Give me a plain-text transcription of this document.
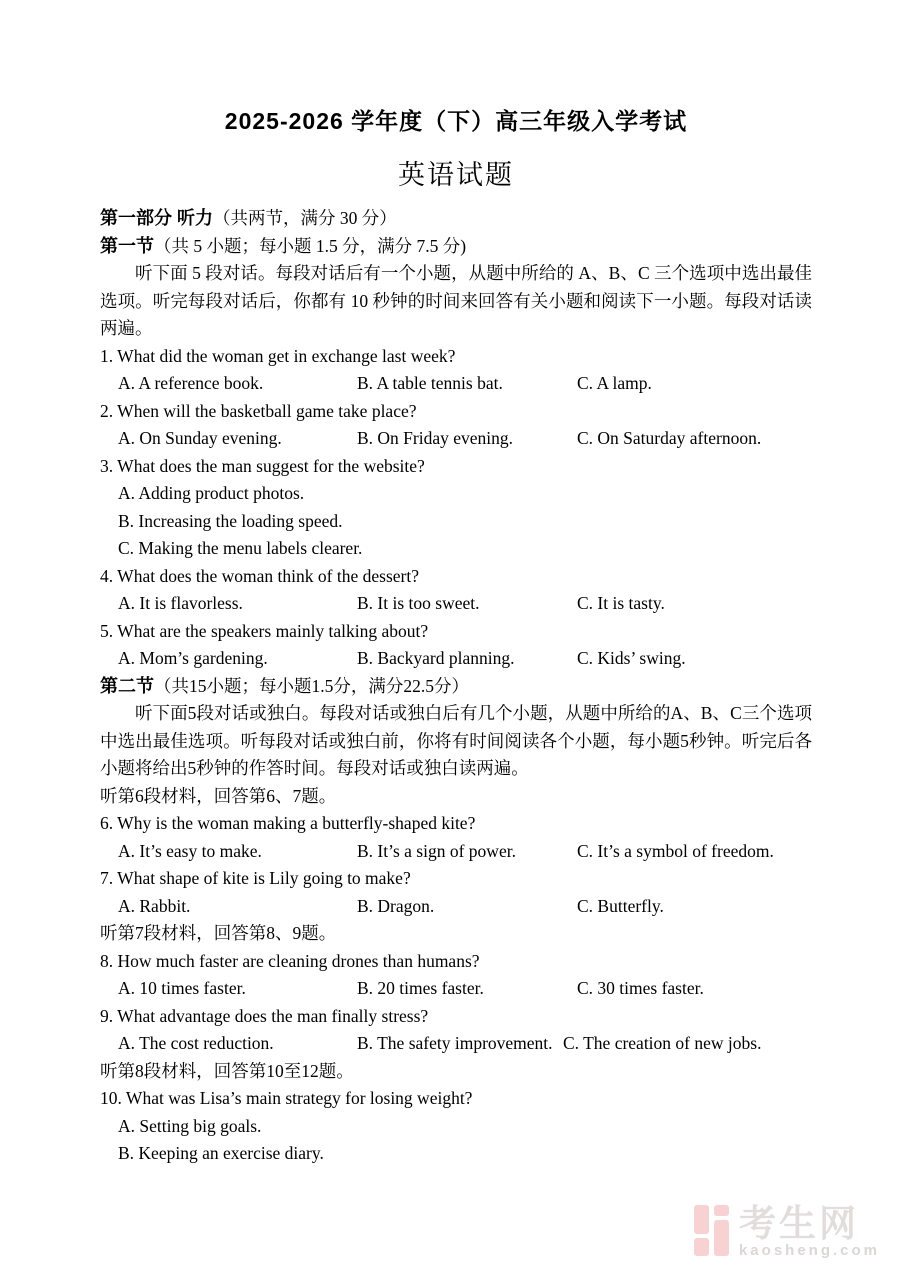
2025-2026 学年度（下）高三年级入学考试
英语试题
第一部分 听力（共两节，满分 30 分）
第一节（共 5 小题；每小题 1.5 分，满分 7.5 分)
听下面 5 段对话。每段对话后有一个小题，从题中所给的 A、B、C 三个选项中选出最佳选项。听完每段对话后，你都有 10 秒钟的时间来回答有关小题和阅读下一小题。每段对话读两遍。
1. What did the woman get in exchange last week?
A. A reference book.	B. A table tennis bat.	C. A lamp.
2. When will the basketball game take place?
A. On Sunday evening.	B. On Friday evening.	C. On Saturday afternoon.
3. What does the man suggest for the website?
A. Adding product photos.
B. Increasing the loading speed.
C. Making the menu labels clearer.
4. What does the woman think of the dessert?
A. It is flavorless.	B. It is too sweet.	C. It is tasty.
5. What are the speakers mainly talking about?
A. Mom’s gardening.	B. Backyard planning.	C. Kids’ swing.
第二节（共15小题；每小题1.5分，满分22.5分）
听下面5段对话或独白。每段对话或独白后有几个小题，从题中所给的A、B、C三个选项中选出最佳选项。听每段对话或独白前，你将有时间阅读各个小题，每小题5秒钟。听完后各小题将给出5秒钟的作答时间。每段对话或独白读两遍。
听第6段材料，回答第6、7题。
6. Why is the woman making a butterfly-shaped kite?
A. It’s easy to make.	B. It’s a sign of power.	C. It’s a symbol of freedom.
7. What shape of kite is Lily going to make?
A. Rabbit.	B. Dragon.	C. Butterfly.
听第7段材料，回答第8、9题。
8. How much faster are cleaning drones than humans?
A. 10 times faster.	B. 20 times faster.	C. 30 times faster.
9. What advantage does the man finally stress?
A. The cost reduction.	B. The safety improvement. C. The creation of new jobs.
听第8段材料，回答第10至12题。
10. What was Lisa’s main strategy for losing weight?
A. Setting big goals.
B. Keeping an exercise diary.
考生网
kaosheng.com
